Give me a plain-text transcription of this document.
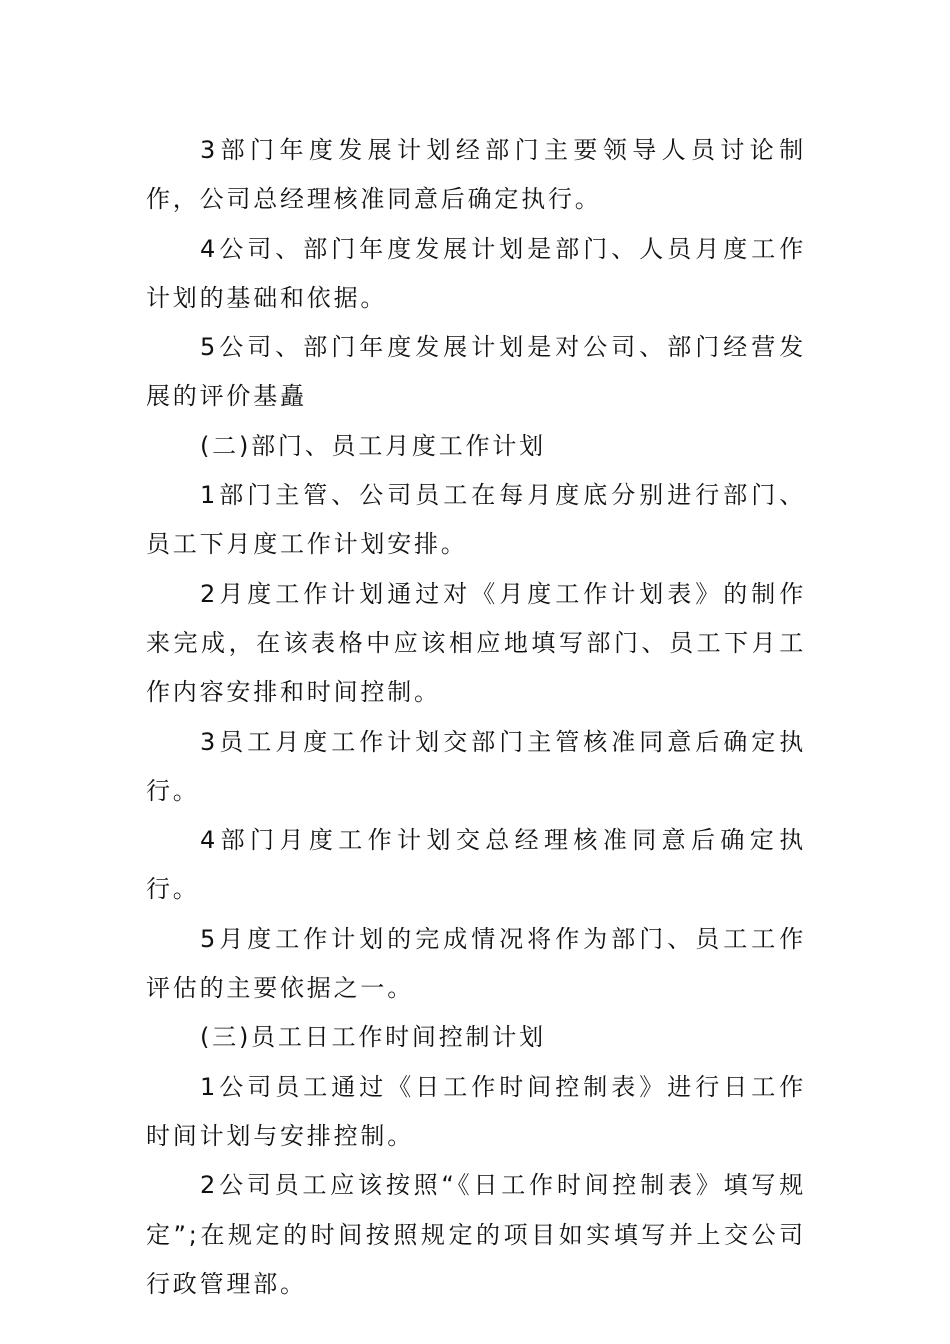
3部门年度发展计划经部门主要领导人员讨论制作，公司总经理核准同意后确定执行。

4公司、部门年度发展计划是部门、人员月度工作计划的基础和依据。

5公司、部门年度发展计划是对公司、部门经营发展的评价基矗

(二)部门、员工月度工作计划

1部门主管、公司员工在每月度底分别进行部门、员工下月度工作计划安排。

2月度工作计划通过对《月度工作计划表》的制作来完成，在该表格中应该相应地填写部门、员工下月工作内容安排和时间控制。

3员工月度工作计划交部门主管核准同意后确定执行。

4部门月度工作计划交总经理核准同意后确定执行。

5月度工作计划的完成情况将作为部门、员工工作评估的主要依据之一。

(三)员工日工作时间控制计划

1公司员工通过《日工作时间控制表》进行日工作时间计划与安排控制。

2公司员工应该按照“《日工作时间控制表》填写规定”;在规定的时间按照规定的项目如实填写并上交公司行政管理部。
